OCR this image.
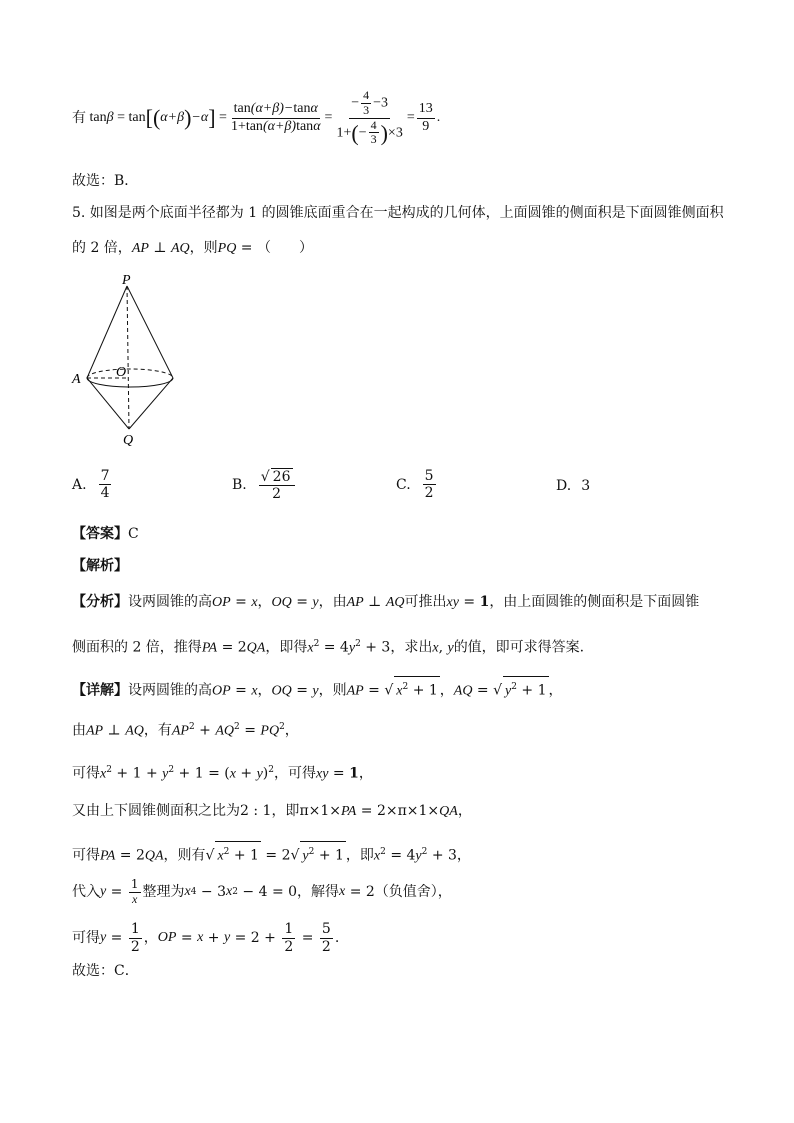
有
tan β
=
tan [ ( α + β ) − α ]
= $\frac{\tan(\alpha+\beta)-\tan\alpha}{1+\tan(\alpha+\beta)\tan\alpha} = \frac{- \frac{4}{3} -3}{1+(- \frac{4}{3} )\times 3} = \frac{13}{9}$ .
故选：B．
5. 如图是两个底面半径都为 1 的圆锥底面重合在一起构成的几何体，上面圆锥的侧面积是下面圆锥侧面积
的 2 倍，AP ⊥ AQ，则PQ = （　　）
P
A	O
Q
A. $\frac{7}{4}$	B. $\frac{√ 26}{2}$	C. $\frac{5}{2}$	D. 3
【答案】C
【解析】
【分析】设两圆锥的高OP = x，OQ = y，由AP ⊥ AQ可推出xy = 1，由上面圆锥的侧面积是下面圆锥
侧面积的 2 倍，推得PA = 2QA，即得$x^2 = 4y^2 + 3$，求出x, y的值，即可求得答案.
【详解】设两圆锥的高OP = x，OQ = y，则AP = √ $x^2 + 1$ ，AQ = √ $y^2 + 1$ ，
由AP ⊥ AQ，有$AP^2 + AQ^2 = PQ^2$，
可得$x^2 + 1 + y^2 + 1 = (x + y)^2$，可得xy = 1，
又由上下圆锥侧面积之比为2 : 1，即π×1×PA = 2×π×1×QA，
可得PA = 2QA，则有√ $x^2 + 1 = 2√$ $y^2 + 1$ ，即$x^2 = 4y^2 + 3$，
代入 $y = \frac{1}{x}$ 整理为 x 4 − 3 x 2 − 4 = 0 ，解得 x = 2 （负值舍），
可得 $y = \frac{1}{2}$ ， OP = $x + y = 2 + \frac{1}{2} = \frac{5}{2}$ .
故选：C．
